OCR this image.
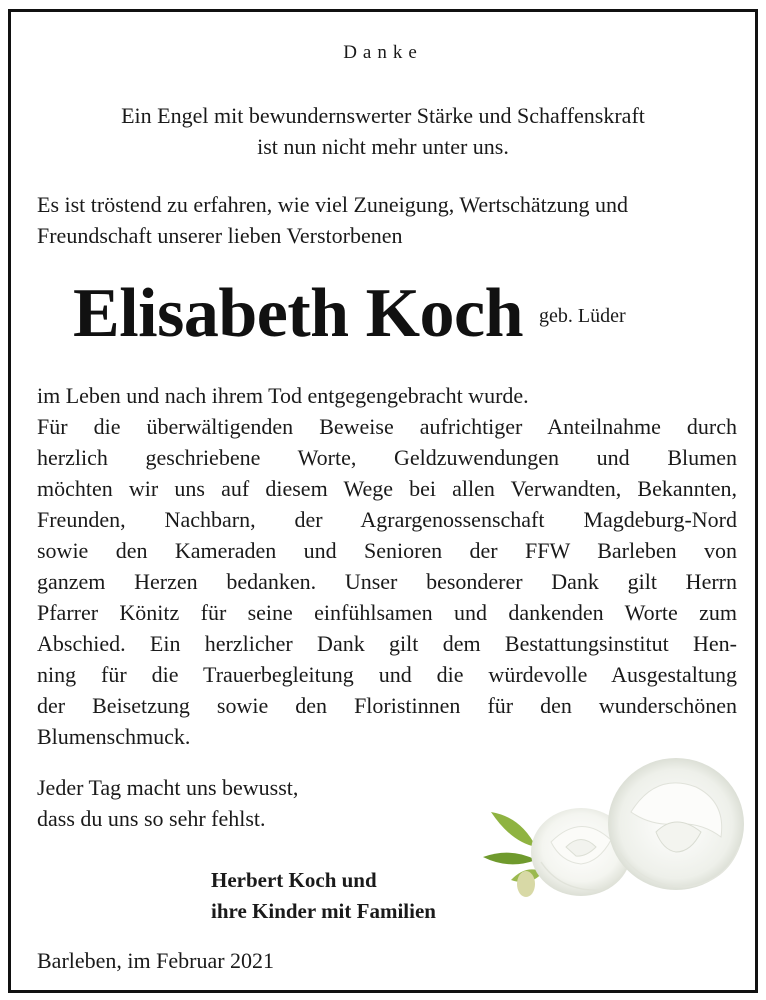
Danke
Ein Engel mit bewundernswerter Stärke und Schaffenskraft
ist nun nicht mehr unter uns.
Es ist tröstend zu erfahren, wie viel Zuneigung, Wertschätzung und
Freundschaft unserer lieben Verstorbenen
Elisabeth Koch geb. Lüder
im Leben und nach ihrem Tod entgegengebracht wurde.
Für die überwältigenden Beweise aufrichtiger Anteilnahme durch
herzlich geschriebene Worte, Geldzuwendungen und Blumen
möchten wir uns auf diesem Wege bei allen Verwandten, Bekannten,
Freunden, Nachbarn, der Agrargenossenschaft Magdeburg-Nord
sowie den Kameraden und Senioren der FFW Barleben von
ganzem Herzen bedanken. Unser besonderer Dank gilt Herrn
Pfarrer Könitz für seine einfühlsamen und dankenden Worte zum
Abschied. Ein herzlicher Dank gilt dem Bestattungsinstitut Hen-
ning für die Trauerbegleitung und die würdevolle Ausgestaltung
der Beisetzung sowie den Floristinnen für den wunderschönen
Blumenschmuck.
Jeder Tag macht uns bewusst,
dass du uns so sehr fehlst.
Herbert Koch und
ihre Kinder mit Familien
Barleben, im Februar 2021
